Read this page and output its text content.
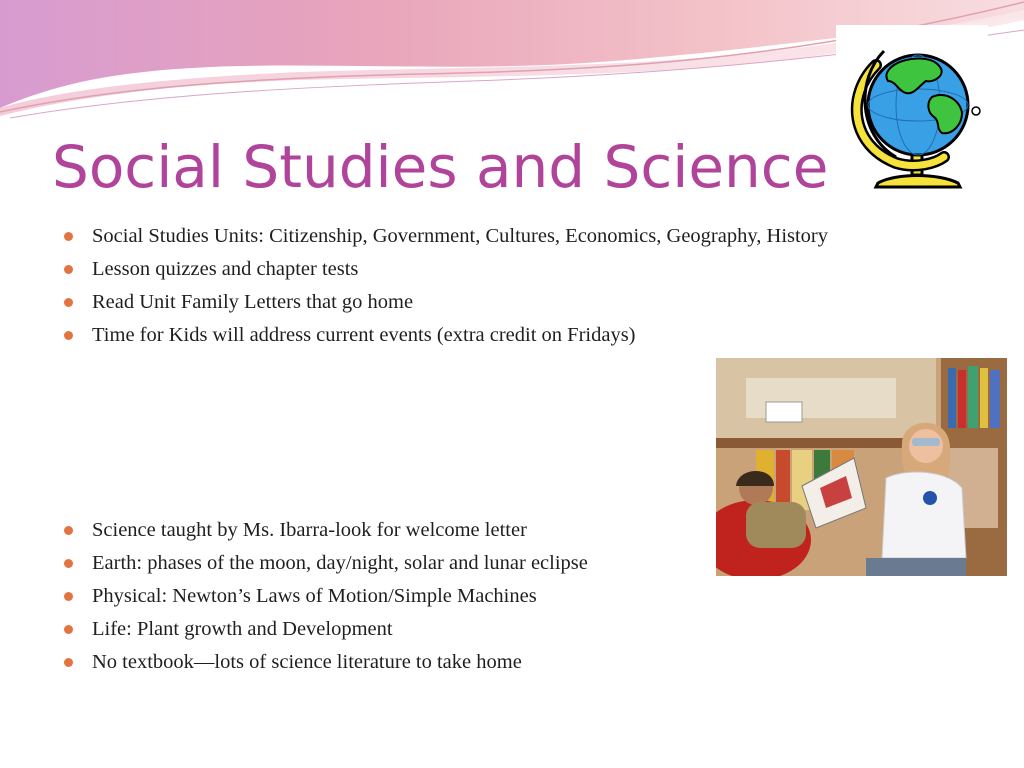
Social Studies and Science
Social Studies Units: Citizenship, Government, Cultures, Economics, Geography, History
Lesson quizzes and chapter tests
Read Unit Family Letters that go home
Time for Kids will address current events (extra credit on Fridays)
Science taught by Ms. Ibarra-look for welcome letter
Earth: phases of the moon, day/night, solar and lunar eclipse
Physical: Newton’s Laws of Motion/Simple Machines
Life: Plant growth and Development
No textbook—lots of science literature to take home
